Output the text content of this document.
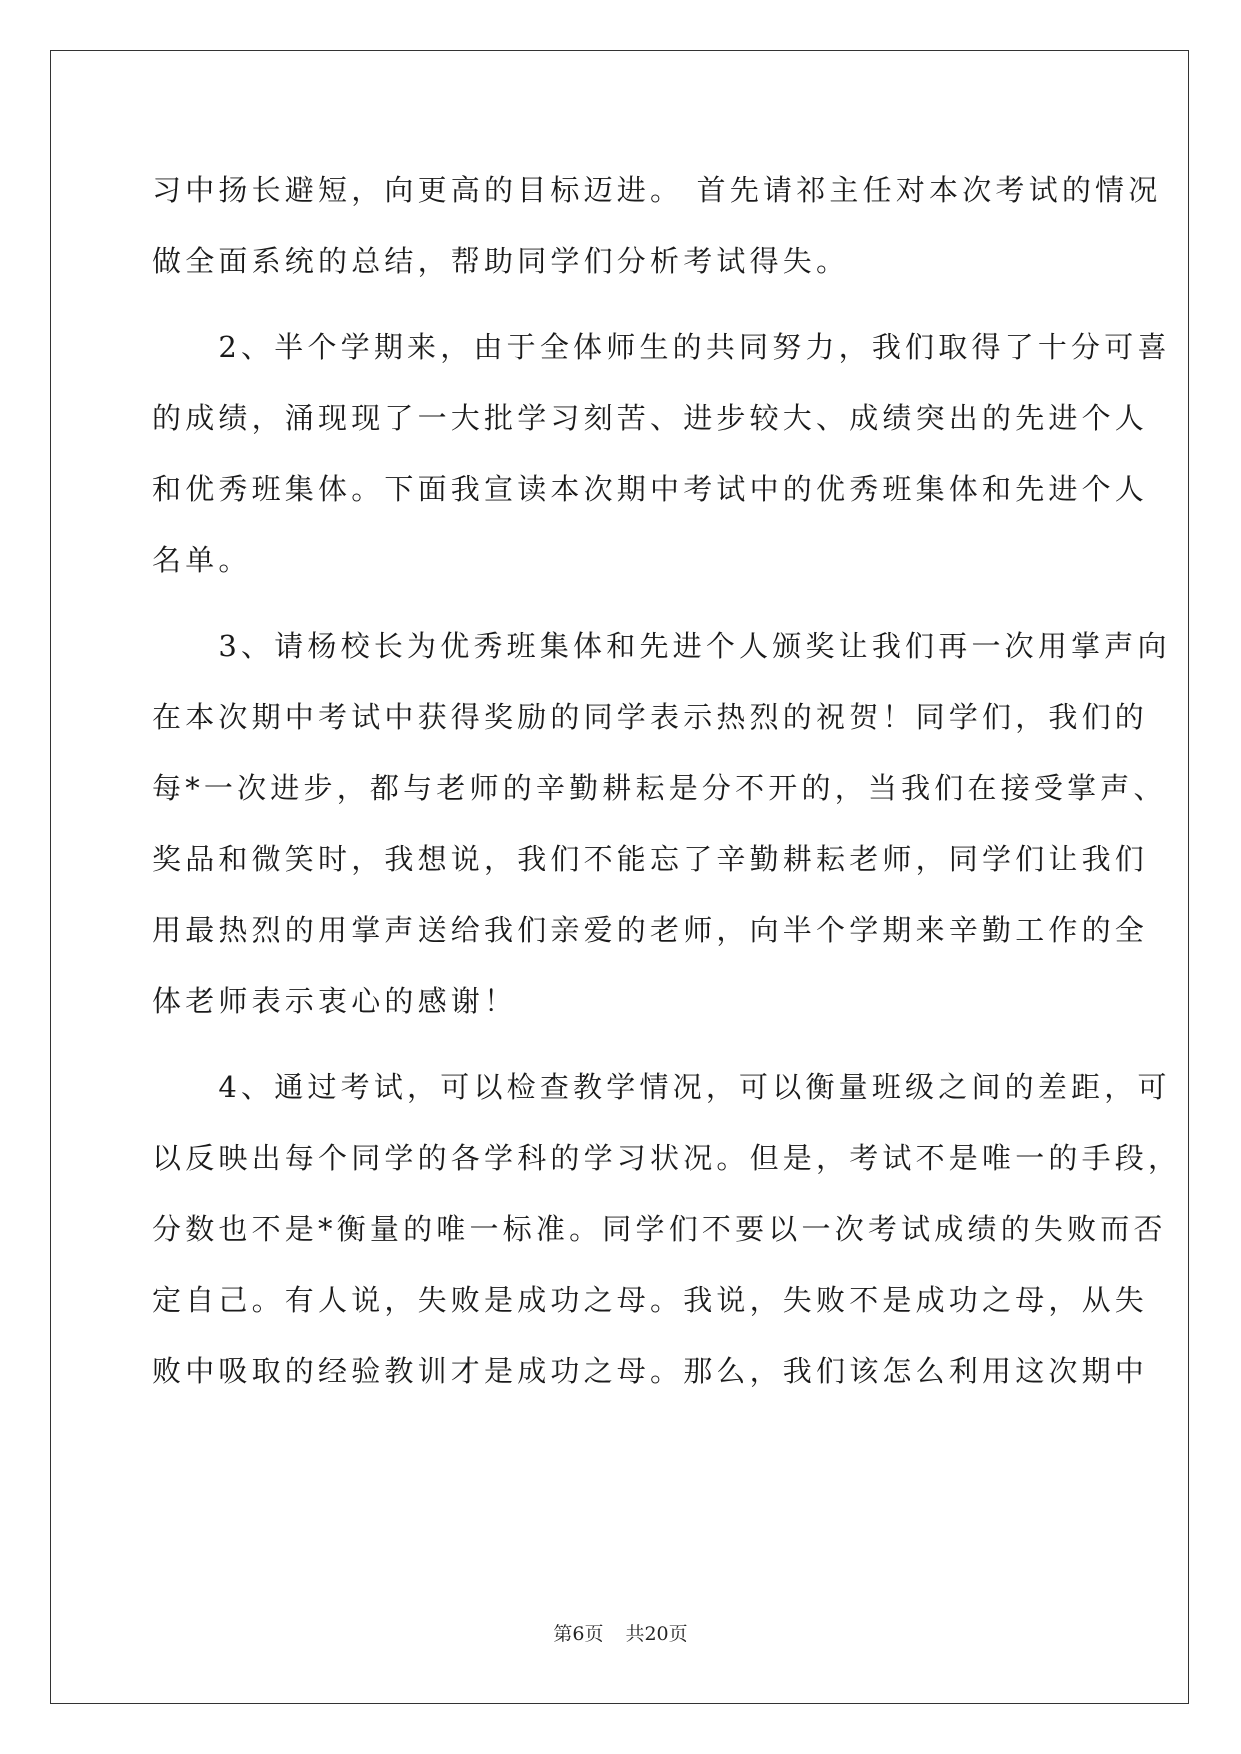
习中扬长避短，向更高的目标迈进。 首先请祁主任对本次考试的情况
做全面系统的总结，帮助同学们分析考试得失。
　　2、半个学期来，由于全体师生的共同努力，我们取得了十分可喜
的成绩，涌现现了一大批学习刻苦、进步较大、成绩突出的先进个人
和优秀班集体。下面我宣读本次期中考试中的优秀班集体和先进个人
名单。
　　3、请杨校长为优秀班集体和先进个人颁奖让我们再一次用掌声向
在本次期中考试中获得奖励的同学表示热烈的祝贺！同学们，我们的
每*一次进步，都与老师的辛勤耕耘是分不开的，当我们在接受掌声、
奖品和微笑时，我想说，我们不能忘了辛勤耕耘老师，同学们让我们
用最热烈的用掌声送给我们亲爱的老师，向半个学期来辛勤工作的全
体老师表示衷心的感谢！
　　4、通过考试，可以检查教学情况，可以衡量班级之间的差距，可
以反映出每个同学的各学科的学习状况。但是，考试不是唯一的手段，
分数也不是*衡量的唯一标准。同学们不要以一次考试成绩的失败而否
定自己。有人说，失败是成功之母。我说，失败不是成功之母，从失
败中吸取的经验教训才是成功之母。那么，我们该怎么利用这次期中
第6页 共20页
